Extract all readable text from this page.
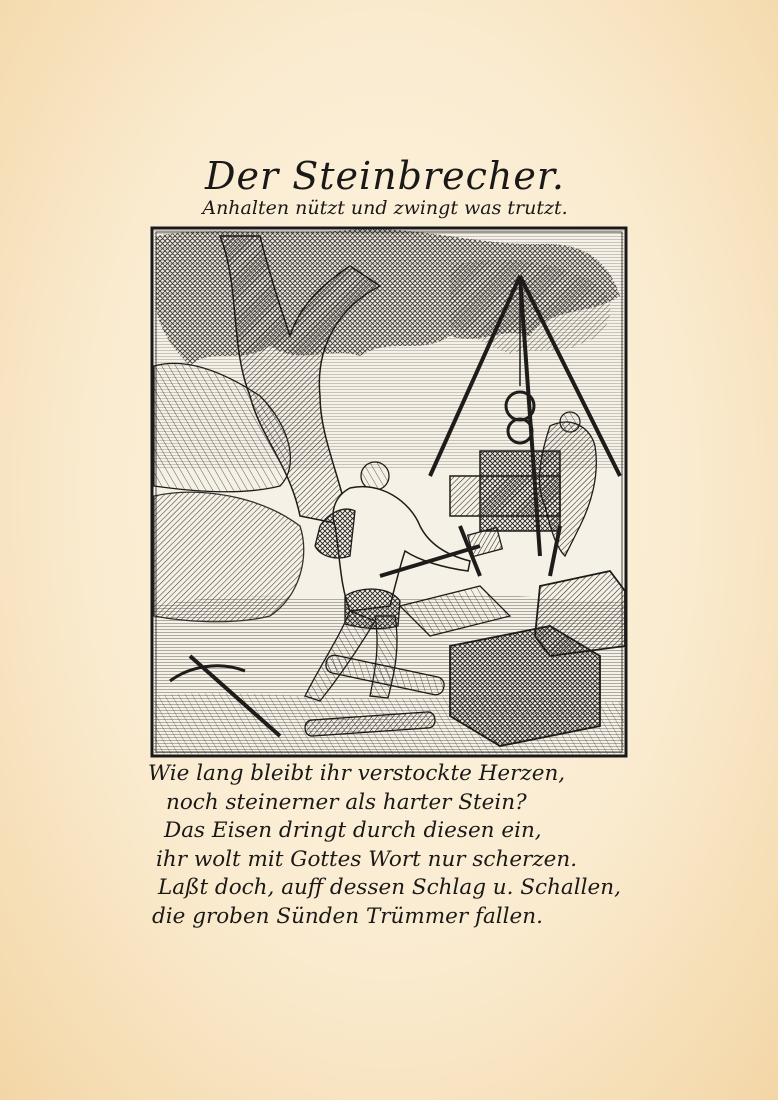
Der Steinbrecher.
Anhalten nützt und zwingt was trutzt.
Wie lang bleibt ihr verstockte Herzen,
noch steinerner als harter Stein?
Das Eisen dringt durch diesen ein,
ihr wolt mit Gottes Wort nur scherzen.
Laßt doch, auff dessen Schlag u. Schallen,
die groben Sünden Trümmer fallen.
